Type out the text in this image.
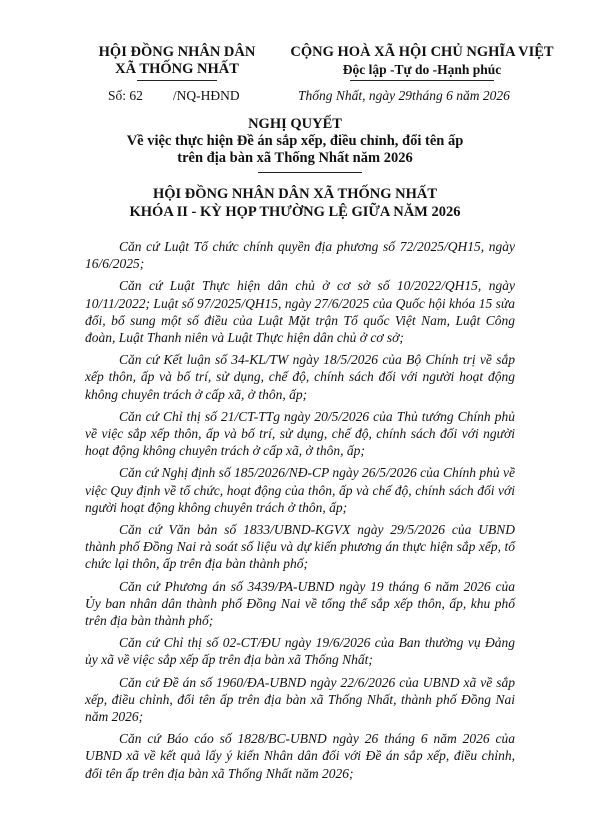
HỘI ĐỒNG NHÂN DÂN
XÃ THỐNG NHẤT
CỘNG HOÀ XÃ HỘI CHỦ NGHĨA VIỆT
Độc lập -Tự do -Hạnh phúc
Số: 62 /NQ-HĐND	Thống Nhất, ngày 29tháng 6 năm 2026
NGHỊ QUYẾT
Về việc thực hiện Đề án sắp xếp, điều chỉnh, đổi tên ấp
trên địa bàn xã Thống Nhất năm 2026
HỘI ĐỒNG NHÂN DÂN XÃ THỐNG NHẤT
KHÓA II - KỲ HỌP THƯỜNG LỆ GIỮA NĂM 2026

Căn cứ Luật Tổ chức chính quyền địa phương số 72/2025/QH15, ngày 16/6/2025;

Căn cứ Luật Thực hiện dân chủ ở cơ sở số 10/2022/QH15, ngày 10/11/2022; Luật số 97/2025/QH15, ngày 27/6/2025 của Quốc hội khóa 15 sửa đổi, bổ sung một số điều của Luật Mặt trận Tổ quốc Việt Nam, Luật Công đoàn, Luật Thanh niên và Luật Thực hiện dân chủ ở cơ sở;

Căn cứ Kết luận số 34-KL/TW ngày 18/5/2026 của Bộ Chính trị về sắp xếp thôn, ấp và bố trí, sử dụng, chế độ, chính sách đối với người hoạt động không chuyên trách ở cấp xã, ở thôn, ấp;

Căn cứ Chỉ thị số 21/CT-TTg ngày 20/5/2026 của Thủ tướng Chính phủ về việc sắp xếp thôn, ấp và bố trí, sử dụng, chế độ, chính sách đối với người hoạt động không chuyên trách ở cấp xã, ở thôn, ấp;

Căn cứ Nghị định số 185/2026/NĐ-CP ngày 26/5/2026 của Chính phủ về việc Quy định về tổ chức, hoạt động của thôn, ấp và chế độ, chính sách đối với người hoạt động không chuyên trách ở thôn, ấp;

Căn cứ Văn bản số 1833/UBND-KGVX ngày 29/5/2026 của UBND thành phố Đồng Nai rà soát số liệu và dự kiến phương án thực hiện sắp xếp, tổ chức lại thôn, ấp trên địa bàn thành phố;

Căn cứ Phương án số 3439/PA-UBND ngày 19 tháng 6 năm 2026 của Ủy ban nhân dân thành phố Đồng Nai về tổng thể sắp xếp thôn, ấp, khu phố trên địa bàn thành phố;

Căn cứ Chỉ thị số 02-CT/ĐU ngày 19/6/2026 của Ban thường vụ Đảng ủy xã về việc sắp xếp ấp trên địa bàn xã Thống Nhất;

Căn cứ Đề án số 1960/ĐA-UBND ngày 22/6/2026 của UBND xã về sắp xếp, điều chỉnh, đổi tên ấp trên địa bàn xã Thống Nhất, thành phố Đồng Nai năm 2026;

Căn cứ Báo cáo số 1828/BC-UBND ngày 26 tháng 6 năm 2026 của UBND xã về kết quả lấy ý kiến Nhân dân đối với Đề án sắp xếp, điều chỉnh, đổi tên ấp trên địa bàn xã Thống Nhất năm 2026;
